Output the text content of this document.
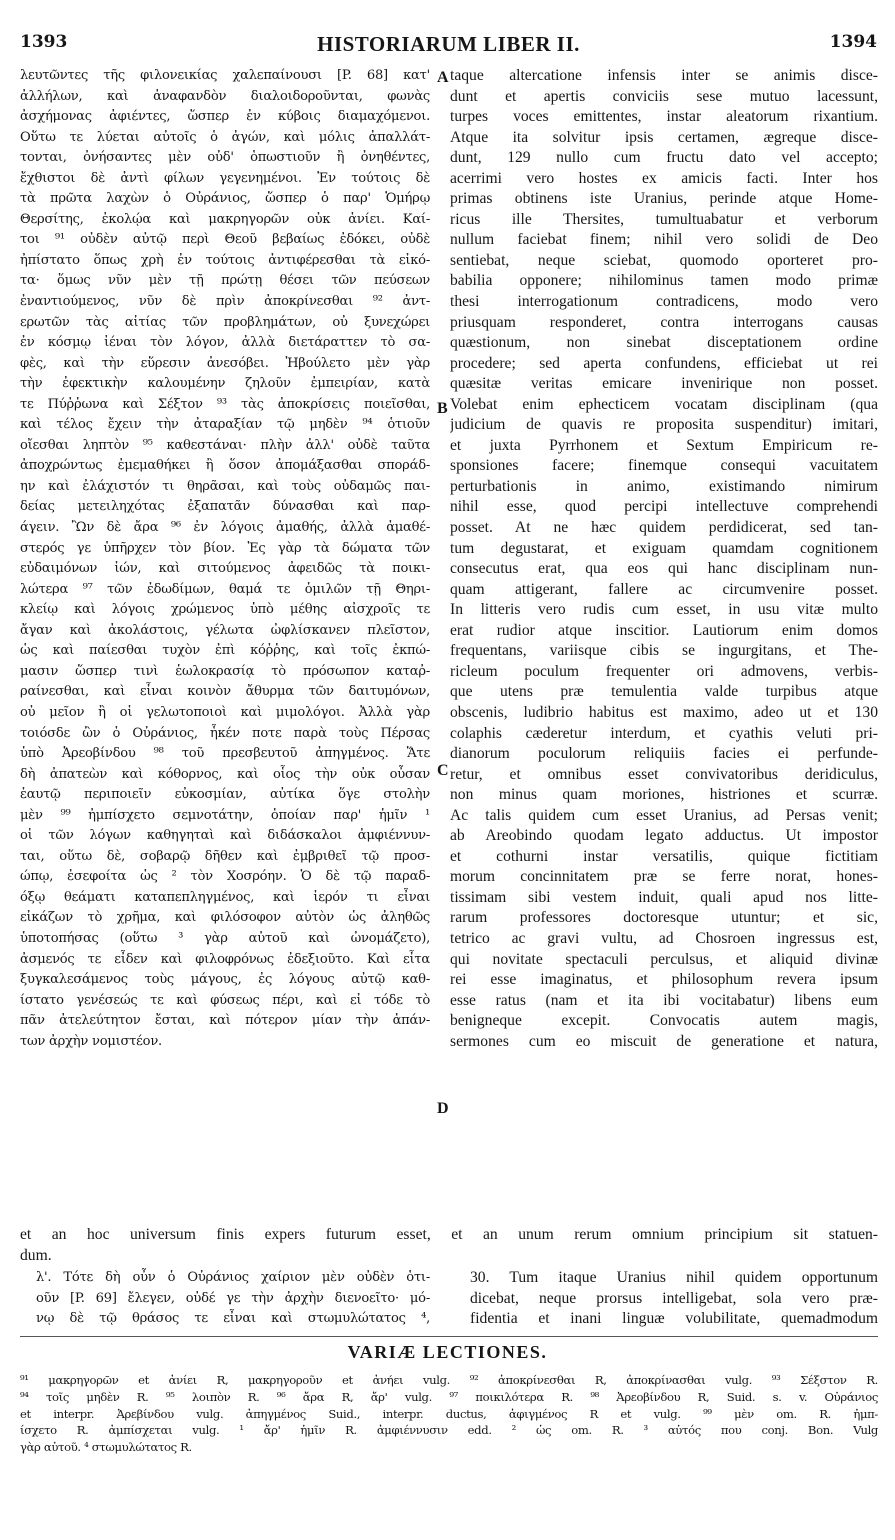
1393	HISTORIARUM LIBER II.	1394
λευτῶντες τῆς φιλονεικίας χαλεπαίνουσι [P. 68] κατ'
ἀλλήλων, καὶ ἀναφανδὸν διαλοιδοροῦνται, φωνὰς
ἀσχήμονας ἀφιέντες, ὥσπερ ἐν κύβοις διαμαχόμενοι.
Οὕτω τε λύεται αὐτοῖς ὁ ἀγών, καὶ μόλις ἀπαλλάτ-
τονται, ὀνήσαντες μὲν οὐδ' ὁπωστιοῦν ἢ ὀνηθέντες,
ἔχθιστοι δὲ ἀντὶ φίλων γεγενημένοι. Ἐν τούτοις δὲ
τὰ πρῶτα λαχὼν ὁ Οὐράνιος, ὥσπερ ὁ παρ' Ὁμήρῳ
Θερσίτης, ἐκολῴα καὶ μακρηγορῶν οὐκ ἀνίει. Καί-
τοι ⁹¹ οὐδὲν αὐτῷ περὶ Θεοῦ βεβαίως ἐδόκει, οὐδὲ
ἠπίστατο ὅπως χρὴ ἐν τούτοις ἀντιφέρεσθαι τὰ εἰκό-
τα· ὅμως νῦν μὲν τῇ πρώτῃ θέσει τῶν πεύσεων
ἐναντιούμενος, νῦν δὲ πρὶν ἀποκρίνεσθαι ⁹² ἀντ-
ερωτῶν τὰς αἰτίας τῶν προβλημάτων, οὐ ξυνεχώρει
ἐν κόσμῳ ἰέναι τὸν λόγον, ἀλλὰ διετάραττεν τὸ σα-
φὲς, καὶ τὴν εὕρεσιν ἀνεσόβει. Ἠβούλετο μὲν γὰρ
τὴν ἐφεκτικὴν καλουμένην ζηλοῦν ἐμπειρίαν, κατὰ
τε Πύῤῥωνα καὶ Σέξτον ⁹³ τὰς ἀποκρίσεις ποιεῖσθαι,
καὶ τέλος ἔχειν τὴν ἀταραξίαν τῷ μηδὲν ⁹⁴ ὁτιοῦν
οἴεσθαι ληπτὸν ⁹⁵ καθεστάναι· πλὴν ἀλλ' οὐδὲ ταῦτα
ἀποχρώντως ἐμεμαθήκει ἢ ὅσον ἀπομάξασθαι σποράδ-
ην καὶ ἐλάχιστόν τι θηρᾶσαι, καὶ τοὺς οὐδαμῶς παι-
δείας μετειληχότας ἐξαπατᾶν δύνασθαι καὶ παρ-
άγειν. Ὢν δὲ ἄρα ⁹⁶ ἐν λόγοις ἀμαθής, ἀλλὰ ἀμαθέ-
στερός γε ὑπῆρχεν τὸν βίον. Ἐς γὰρ τὰ δώματα τῶν
εὐδαιμόνων ἰών, καὶ σιτούμενος ἀφειδῶς τὰ ποικι-
λώτερα ⁹⁷ τῶν ἐδωδίμων, θαμά τε ὁμιλῶν τῇ Θηρι-
κλείῳ καὶ λόγοις χρώμενος ὑπὸ μέθης αἰσχροῖς τε
ἄγαν καὶ ἀκολάστοις, γέλωτα ὠφλίσκανεν πλεῖστον,
ὡς καὶ παίεσθαι τυχὸν ἐπὶ κόῤῥης, καὶ τοῖς ἐκπώ-
μασιν ὥσπερ τινὶ ἑωλοκρασίᾳ τὸ πρόσωπον καταῤ-
ραίνεσθαι, καὶ εἶναι κοινὸν ἄθυρμα τῶν δαιτυμόνων,
οὐ μεῖον ἢ οἱ γελωτοποιοὶ καὶ μιμολόγοι. Ἀλλὰ γὰρ
τοιόσδε ὢν ὁ Οὐράνιος, ἧκέν ποτε παρὰ τοὺς Πέρσας
ὑπὸ Ἀρεοβίνδου ⁹⁸ τοῦ πρεσβευτοῦ ἀπηγμένος. Ἅτε
δὴ ἀπατεὼν καὶ κόθορνος, καὶ οἷος τὴν οὐκ οὖσαν
ἑαυτῷ περιποιεῖν εὐκοσμίαν, αὐτίκα ὅγε στολὴν
μὲν ⁹⁹ ἠμπίσχετο σεμνοτάτην, ὁποίαν παρ' ἡμῖν ¹
οἱ τῶν λόγων καθηγηταὶ καὶ διδάσκαλοι ἀμφιέννυν-
ται, οὕτω δὲ, σοβαρῷ δῆθεν καὶ ἐμβριθεῖ τῷ προσ-
ώπῳ, ἐσεφοίτα ὡς ² τὸν Χοσρόην. Ὁ δὲ τῷ παραδ-
όξῳ θεάματι καταπεπληγμένος, καὶ ἱερόν τι εἶναι
εἰκάζων τὸ χρῆμα, καὶ φιλόσοφον αὐτὸν ὡς ἀληθῶς
ὑποτοπήσας (οὕτω ³ γὰρ αὐτοῦ καὶ ὠνομάζετο),
ἀσμενός τε εἶδεν καὶ φιλοφρόνως ἐδεξιοῦτο. Καὶ εἶτα
ξυγκαλεσάμενος τοὺς μάγους, ἐς λόγους αὐτῷ καθ-
ίστατο γενέσεώς τε καὶ φύσεως πέρι, καὶ εἰ τόδε τὸ
πᾶν ἀτελεύτητον ἔσται, καὶ πότερον μίαν τὴν ἁπάν-
των ἀρχὴν νομιστέον.
taque altercatione infensis inter se animis disce-
dunt et apertis conviciis sese mutuo lacessunt,
turpes voces emittentes, instar aleatorum rixantium.
Atque ita solvitur ipsis certamen, ægreque disce-
dunt, 129 nullo cum fructu dato vel accepto;
acerrimi vero hostes ex amicis facti. Inter hos
primas obtinens iste Uranius, perinde atque Home-
ricus ille Thersites, tumultuabatur et verborum
nullum faciebat finem; nihil vero solidi de Deo
sentiebat, neque sciebat, quomodo oporteret pro-
babilia opponere; nihilominus tamen modo primæ
thesi interrogationum contradicens, modo vero
priusquam responderet, contra interrogans causas
quæstionum, non sinebat disceptationem ordine
procedere; sed aperta confundens, efficiebat ut rei
quæsitæ veritas emicare invenirique non posset.
Volebat enim ephecticem vocatam disciplinam (qua
judicium de quavis re proposita suspenditur) imitari,
et juxta Pyrrhonem et Sextum Empiricum re-
sponsiones facere; finemque consequi vacuitatem
perturbationis in animo, existimando nimirum
nihil esse, quod percipi intellectuve comprehendi
posset. At ne hæc quidem perdidicerat, sed tan-
tum degustarat, et exiguam quamdam cognitionem
consecutus erat, qua eos qui hanc disciplinam nun-
quam attigerant, fallere ac circumvenire posset.
In litteris vero rudis cum esset, in usu vitæ multo
erat rudior atque inscitior. Lautiorum enim domos
frequentans, variisque cibis se ingurgitans, et The-
ricleum poculum frequenter ori admovens, verbis-
que utens præ temulentia valde turpibus atque
obscenis, ludibrio habitus est maximo, adeo ut et 130
colaphis cæderetur interdum, et cyathis veluti pri-
dianorum poculorum reliquiis facies ei perfunde-
retur, et omnibus esset convivatoribus deridiculus,
non minus quam moriones, histriones et scurræ.
Ac talis quidem cum esset Uranius, ad Persas venit;
ab Areobindo quodam legato adductus. Ut impostor
et cothurni instar versatilis, quique fictitiam
morum concinnitatem præ se ferre norat, hones-
tissimam sibi vestem induit, quali apud nos litte-
rarum professores doctoresque utuntur; et sic,
tetrico ac gravi vultu, ad Chosroen ingressus est,
qui novitate spectaculi perculsus, et aliquid divinæ
rei esse imaginatus, et philosophum revera ipsum
esse ratus (nam et ita ibi vocitabatur) libens eum
benigneque excepit. Convocatis autem magis,
sermones cum eo miscuit de generatione et natura,
A
B
C
D
et an hoc universum finis expers futurum esset, et an unum rerum omnium principium sit statuen-
dum.
λ'. Τότε δὴ οὖν ὁ Οὐράνιος χαίριον μὲν οὐδὲν ὁτι-
οῦν [P. 69] ἔλεγεν, οὐδέ γε τὴν ἀρχὴν διενοεῖτο· μό-
νῳ δὲ τῷ θράσος τε εἶναι καὶ στωμυλώτατος ⁴,
30. Tum itaque Uranius nihil quidem opportunum
dicebat, neque prorsus intelligebat, sola vero præ-
fidentia et inani linguæ volubilitate, quemadmodum
VARIÆ LECTIONES.
⁹¹ μακρηγορῶν et ἀνίει R, μακρηγοροῦν et ἀνήει vulg. ⁹² ἀποκρίνεσθαι R, ἀποκρίνασθαι vulg. ⁹³ Σέξστον R.
⁹⁴ τοῖς μηδὲν R. ⁹⁵ λοιπὸν R. ⁹⁶ ἄρα R, ἄρ' vulg. ⁹⁷ ποικιλότερα R. ⁹⁸ Ἀρεοβίνδου R, Suid. s. v. Οὐράνιος
et interpr. Ἀρεβίνδου vulg. ἀπηγμένος Suid., interpr. ductus, ἀφιγμένος R et vulg. ⁹⁹ μὲν om. R. ἠμπ-
ίσχετο R. ἀμπίσχεται vulg. ¹ ἄρ' ἡμῖν R. ἀμφιέννυσιν edd. ² ὡς om. R. ³ αὐτός που conj. Bon. Vulg
γὰρ αὐτοῦ. ⁴ στωμυλώτατος R.
